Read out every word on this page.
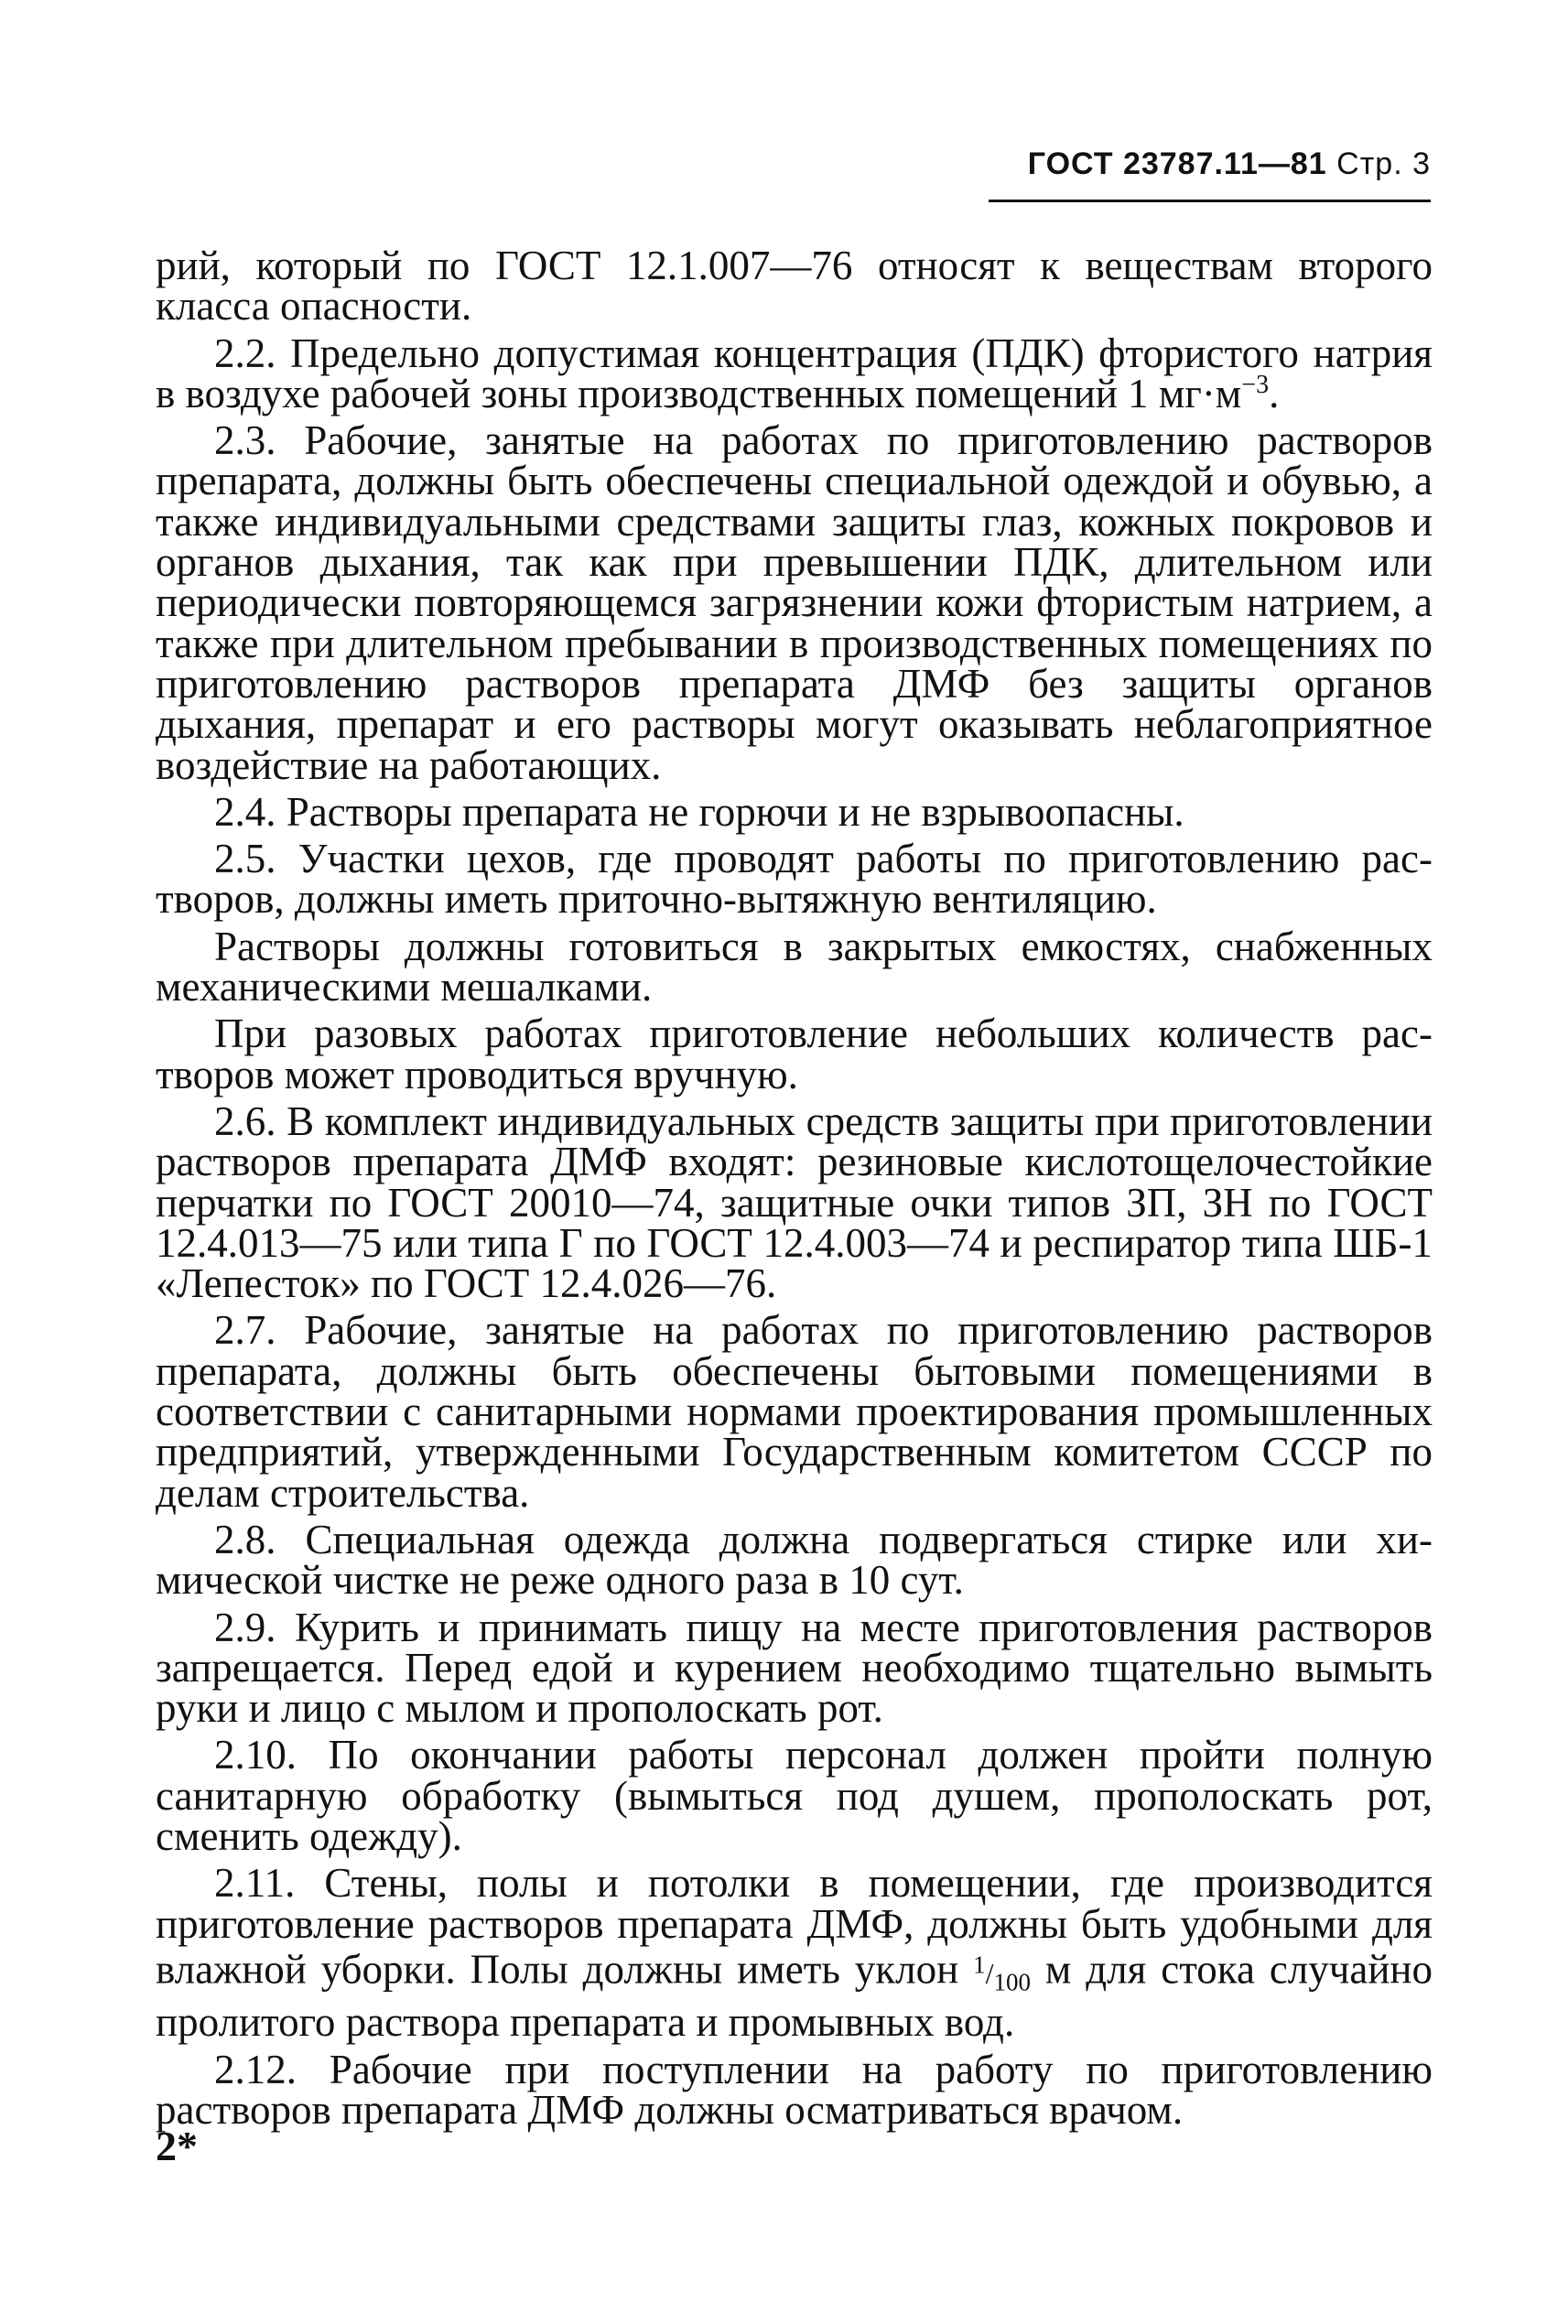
ГОСТ 23787.11—81 Стр. 3

рий, который по ГОСТ 12.1.007—76 относят к веществам второго класса опасности.

2.2. Предельно допустимая концентрация (ПДК) фтористого натрия в воздухе рабочей зоны производственных помещений 1 $мг\cdot м^{-3}$.

2.3. Рабочие, занятые на работах по приготовлению растворов препарата, должны быть обеспечены специальной одеждой и обувью, а также индивидуальными средствами защиты глаз, кожных покровов и органов дыхания, так как при превышении ПДК, длительном или периодически повторяющемся загрязнении кожи фтористым натрием, а также при длительном пребывании в производственных помещениях по приготовлению растворов препарата ДМФ без защиты органов дыхания, препарат и его растворы могут оказывать неблагоприятное воздействие на работающих.

2.4. Растворы препарата не горючи и не взрывоопасны.

2.5. Участки цехов, где проводят работы по приготовлению растворов, должны иметь приточно-вытяжную вентиляцию.

Растворы должны готовиться в закрытых емкостях, снабженных механическими мешалками.

При разовых работах приготовление небольших количеств растворов может проводиться вручную.

2.6. В комплект индивидуальных средств защиты при приготовлении растворов препарата ДМФ входят: резиновые кислотощелочестойкие перчатки по ГОСТ 20010—74, защитные очки типов ЗП, ЗН по ГОСТ 12.4.013—75 или типа Г по ГОСТ 12.4.003—74 и респиратор типа ШБ-1 «Лепесток» по ГОСТ 12.4.026—76.

2.7. Рабочие, занятые на работах по приготовлению растворов препарата, должны быть обеспечены бытовыми помещениями в соответствии с санитарными нормами проектирования промышленных предприятий, утвержденными Государственным комитетом СССР по делам строительства.

2.8. Специальная одежда должна подвергаться стирке или химической чистке не реже одного раза в 10 сут.

2.9. Курить и принимать пищу на месте приготовления растворов запрещается. Перед едой и курением необходимо тщательно вымыть руки и лицо с мылом и прополоскать рот.

2.10. По окончании работы персонал должен пройти полную санитарную обработку (вымыться под душем, прополоскать рот, сменить одежду).

2.11. Стены, полы и потолки в помещении, где производится приготовление растворов препарата ДМФ, должны быть удобными для влажной уборки. Полы должны иметь уклон $^1/_{100}$ м для стока случайно пролитого раствора препарата и промывных вод.

2.12. Рабочие при поступлении на работу по приготовлению растворов препарата ДМФ должны осматриваться врачом.

2*
